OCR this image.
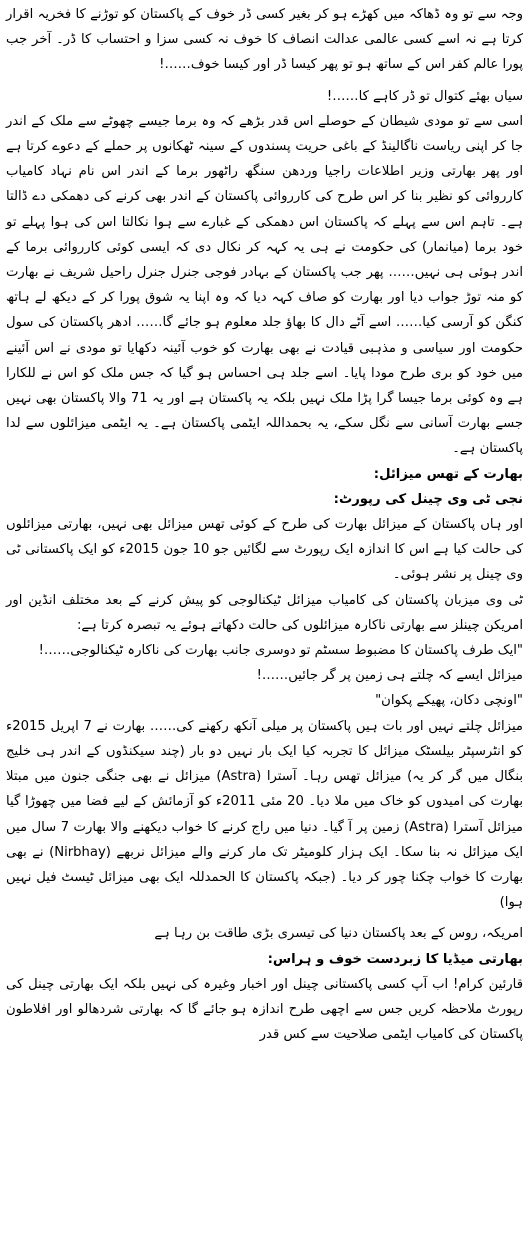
وجہ سے تو وہ ڈھاکہ میں کھڑے ہو کر بغیر کسی ڈر خوف کے پاکستان کو توڑنے کا فخریہ اقرار کرتا ہے نہ اسے کسی عالمی عدالت انصاف کا خوف نہ کسی سزا و احتساب کا ڈر۔ آخر جب پورا عالم کفر اس کے ساتھ ہو تو پھر کیسا ڈر اور کیسا خوف……!

سیاں بھئے کتوال تو ڈر کاہے کا……!

اسی سے تو مودی شیطان کے حوصلے اس قدر بڑھے کہ وہ برما جیسے چھوٹے سے ملک کے اندر جا کر اپنی ریاست ناگالینڈ کے باغی حریت پسندوں کے سینہ ٹھکانوں پر حملے کے دعوے کرتا ہے اور پھر بھارتی وزیر اطلاعات راجیا وردھن سنگھ راٹھور برما کے اندر اس نام نہاد کامیاب کارروائی کو نظیر بنا کر اس طرح کی کارروائی پاکستان کے اندر بھی کرنے کی دھمکی دے ڈالتا ہے۔ تاہم اس سے پہلے کہ پاکستان اس دھمکی کے غبارے سے ہوا نکالتا اس کی ہوا پہلے تو خود برما (میانمار) کی حکومت نے ہی یہ کہہ کر نکال دی کہ ایسی کوئی کارروائی برما کے اندر ہوئی ہی نہیں…… پھر جب پاکستان کے بہادر فوجی جنرل جنرل راحیل شریف نے بھارت کو منہ توڑ جواب دیا اور بھارت کو صاف کہہ دیا کہ وہ اپنا یہ شوق پورا کر کے دیکھ لے ہاتھ کنگن کو آرسی کیا…… اسے آٹے دال کا بھاؤ جلد معلوم ہو جائے گا…… ادھر پاکستان کی سول حکومت اور سیاسی و مذہبی قیادت نے بھی بھارت کو خوب آئینہ دکھایا تو مودی نے اس آئینے میں خود کو بری طرح مودا پایا۔ اسے جلد ہی احساس ہو گیا کہ جس ملک کو اس نے للکارا ہے وہ کوئی برما جیسا گرا پڑا ملک نہیں بلکہ یہ پاکستان ہے اور یہ 71 والا پاکستان بھی نہیں جسے بھارت آسانی سے نگل سکے، یہ بحمداللہ ایٹمی پاکستان ہے۔ یہ ایٹمی میزائلوں سے لدا پاکستان ہے۔

بھارت کے تھس میزائل:

نجی ٹی وی چینل کی رپورٹ:

اور ہاں پاکستان کے میزائل بھارت کی طرح کے کوئی تھس میزائل بھی نہیں، بھارتی میزائلوں کی حالت کیا ہے اس کا اندازہ ایک رپورٹ سے لگائیں جو 10 جون 2015ء کو ایک پاکستانی ٹی وی چینل پر نشر ہوئی۔

ٹی وی میزبان پاکستان کی کامیاب میزائل ٹیکنالوجی کو پیش کرنے کے بعد مختلف انڈین اور امریکن چینلز سے بھارتی ناکارہ میزائلوں کی حالت دکھاتے ہوئے یہ تبصرہ کرتا ہے:

"ایک طرف پاکستان کا مضبوط سسٹم تو دوسری جانب بھارت کی ناکارہ ٹیکنالوجی……!

میزائل ایسے کہ چلتے ہی زمین پر گر جائیں……!

"اونچی دکان، پھیکے پکوان"

میزائل چلتے نہیں اور بات ہیں پاکستان پر میلی آنکھ رکھنے کی…… بھارت نے 7 اپریل 2015ء کو انٹرسپٹر بیلسٹک میزائل کا تجربہ کیا ایک بار نہیں دو بار (چند سیکنڈوں کے اندر ہی خلیج بنگال میں گر کر یہ) میزائل تھس رہا۔ آسترا (Astra) میزائل نے بھی جنگی جنون میں مبتلا بھارت کی امیدوں کو خاک میں ملا دیا۔ 20 مئی 2011ء کو آزمائش کے لیے فضا میں چھوڑا گیا میزائل آسترا (Astra) زمین پر آ گیا۔ دنیا میں راج کرنے کا خواب دیکھنے والا بھارت 7 سال میں ایک میزائل نہ بنا سکا۔ ایک ہزار کلومیٹر تک مار کرنے والے میزائل نربھے (Nirbhay) نے بھی بھارت کا خواب چکنا چور کر دیا۔ (جبکہ پاکستان کا الحمدللہ ایک بھی میزائل ٹیسٹ فیل نہیں ہوا)

امریکہ، روس کے بعد پاکستان دنیا کی تیسری بڑی طاقت بن رہا ہے

بھارتی میڈیا کا زبردست خوف و ہراس:

قارئین کرام! اب آپ کسی پاکستانی چینل اور اخبار وغیرہ کی نہیں بلکہ ایک بھارتی چینل کی رپورٹ ملاحظہ کریں جس سے اچھی طرح اندازہ ہو جائے گا کہ بھارتی شردھالو اور افلاطون پاکستان کی کامیاب ایٹمی صلاحیت سے کس قدر
